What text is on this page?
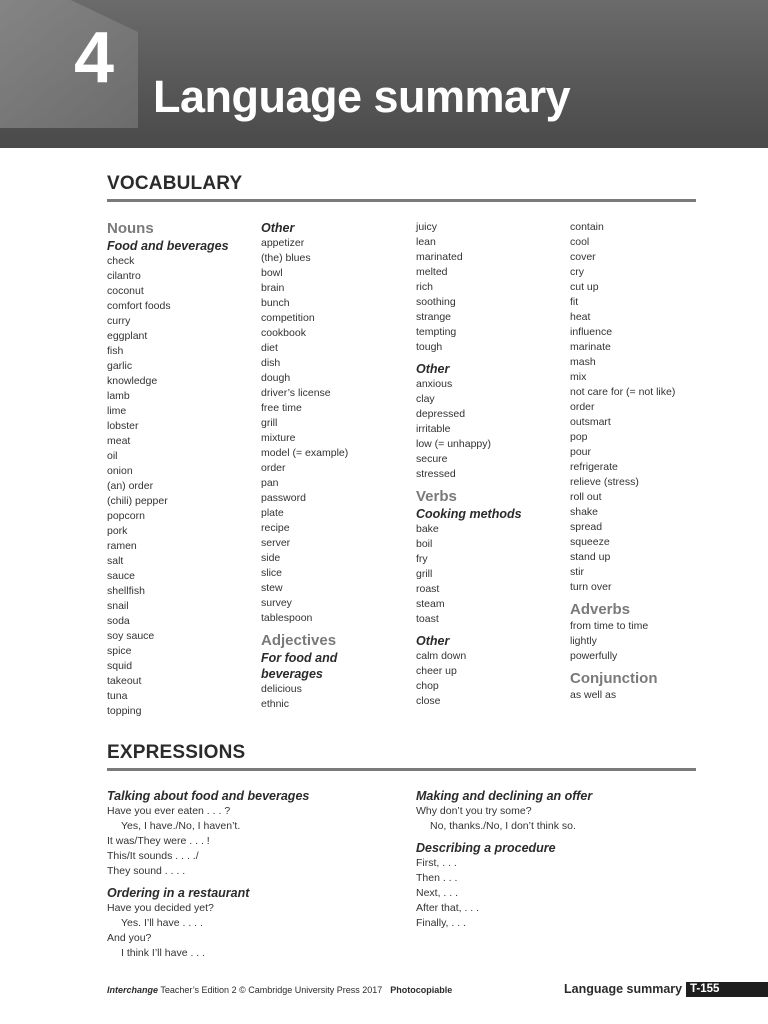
4 Language summary
VOCABULARY
Nouns
Food and beverages
check
cilantro
coconut
comfort foods
curry
eggplant
fish
garlic
knowledge
lamb
lime
lobster
meat
oil
onion
(an) order
(chili) pepper
popcorn
pork
ramen
salt
sauce
shellfish
snail
soda
soy sauce
spice
squid
takeout
tuna
topping
Other
appetizer
(the) blues
bowl
brain
bunch
competition
cookbook
diet
dish
dough
driver’s license
free time
grill
mixture
model (= example)
order
pan
password
plate
recipe
server
side
slice
stew
survey
tablespoon
Adjectives
For food and
beverages
delicious
ethnic
juicy
lean
marinated
melted
rich
soothing
strange
tempting
tough
Other
anxious
clay
depressed
irritable
low (= unhappy)
secure
stressed
Verbs
Cooking methods
bake
boil
fry
grill
roast
steam
toast
Other
calm down
cheer up
chop
close
contain
cool
cover
cry
cut up
fit
heat
influence
marinate
mash
mix
not care for (= not like)
order
outsmart
pop
pour
refrigerate
relieve (stress)
roll out
shake
spread
squeeze
stand up
stir
turn over
Adverbs
from time to time
lightly
powerfully
Conjunction
as well as
EXPRESSIONS
Talking about food and beverages
Have you ever eaten . . . ?
Yes, I have./No, I haven’t.
It was/They were . . . !
This/It sounds . . . ./
They sound . . . .
Ordering in a restaurant
Have you decided yet?
Yes. I’ll have . . . .
And you?
I think I’ll have . . .
Making and declining an offer
Why don’t you try some?
No, thanks./No, I don’t think so.
Describing a procedure
First, . . .
Then . . .
Next, . . .
After that, . . .
Finally, . . .
Interchange Teacher’s Edition 2 © Cambridge University Press 2017 Photocopiable	Language summary T-155
